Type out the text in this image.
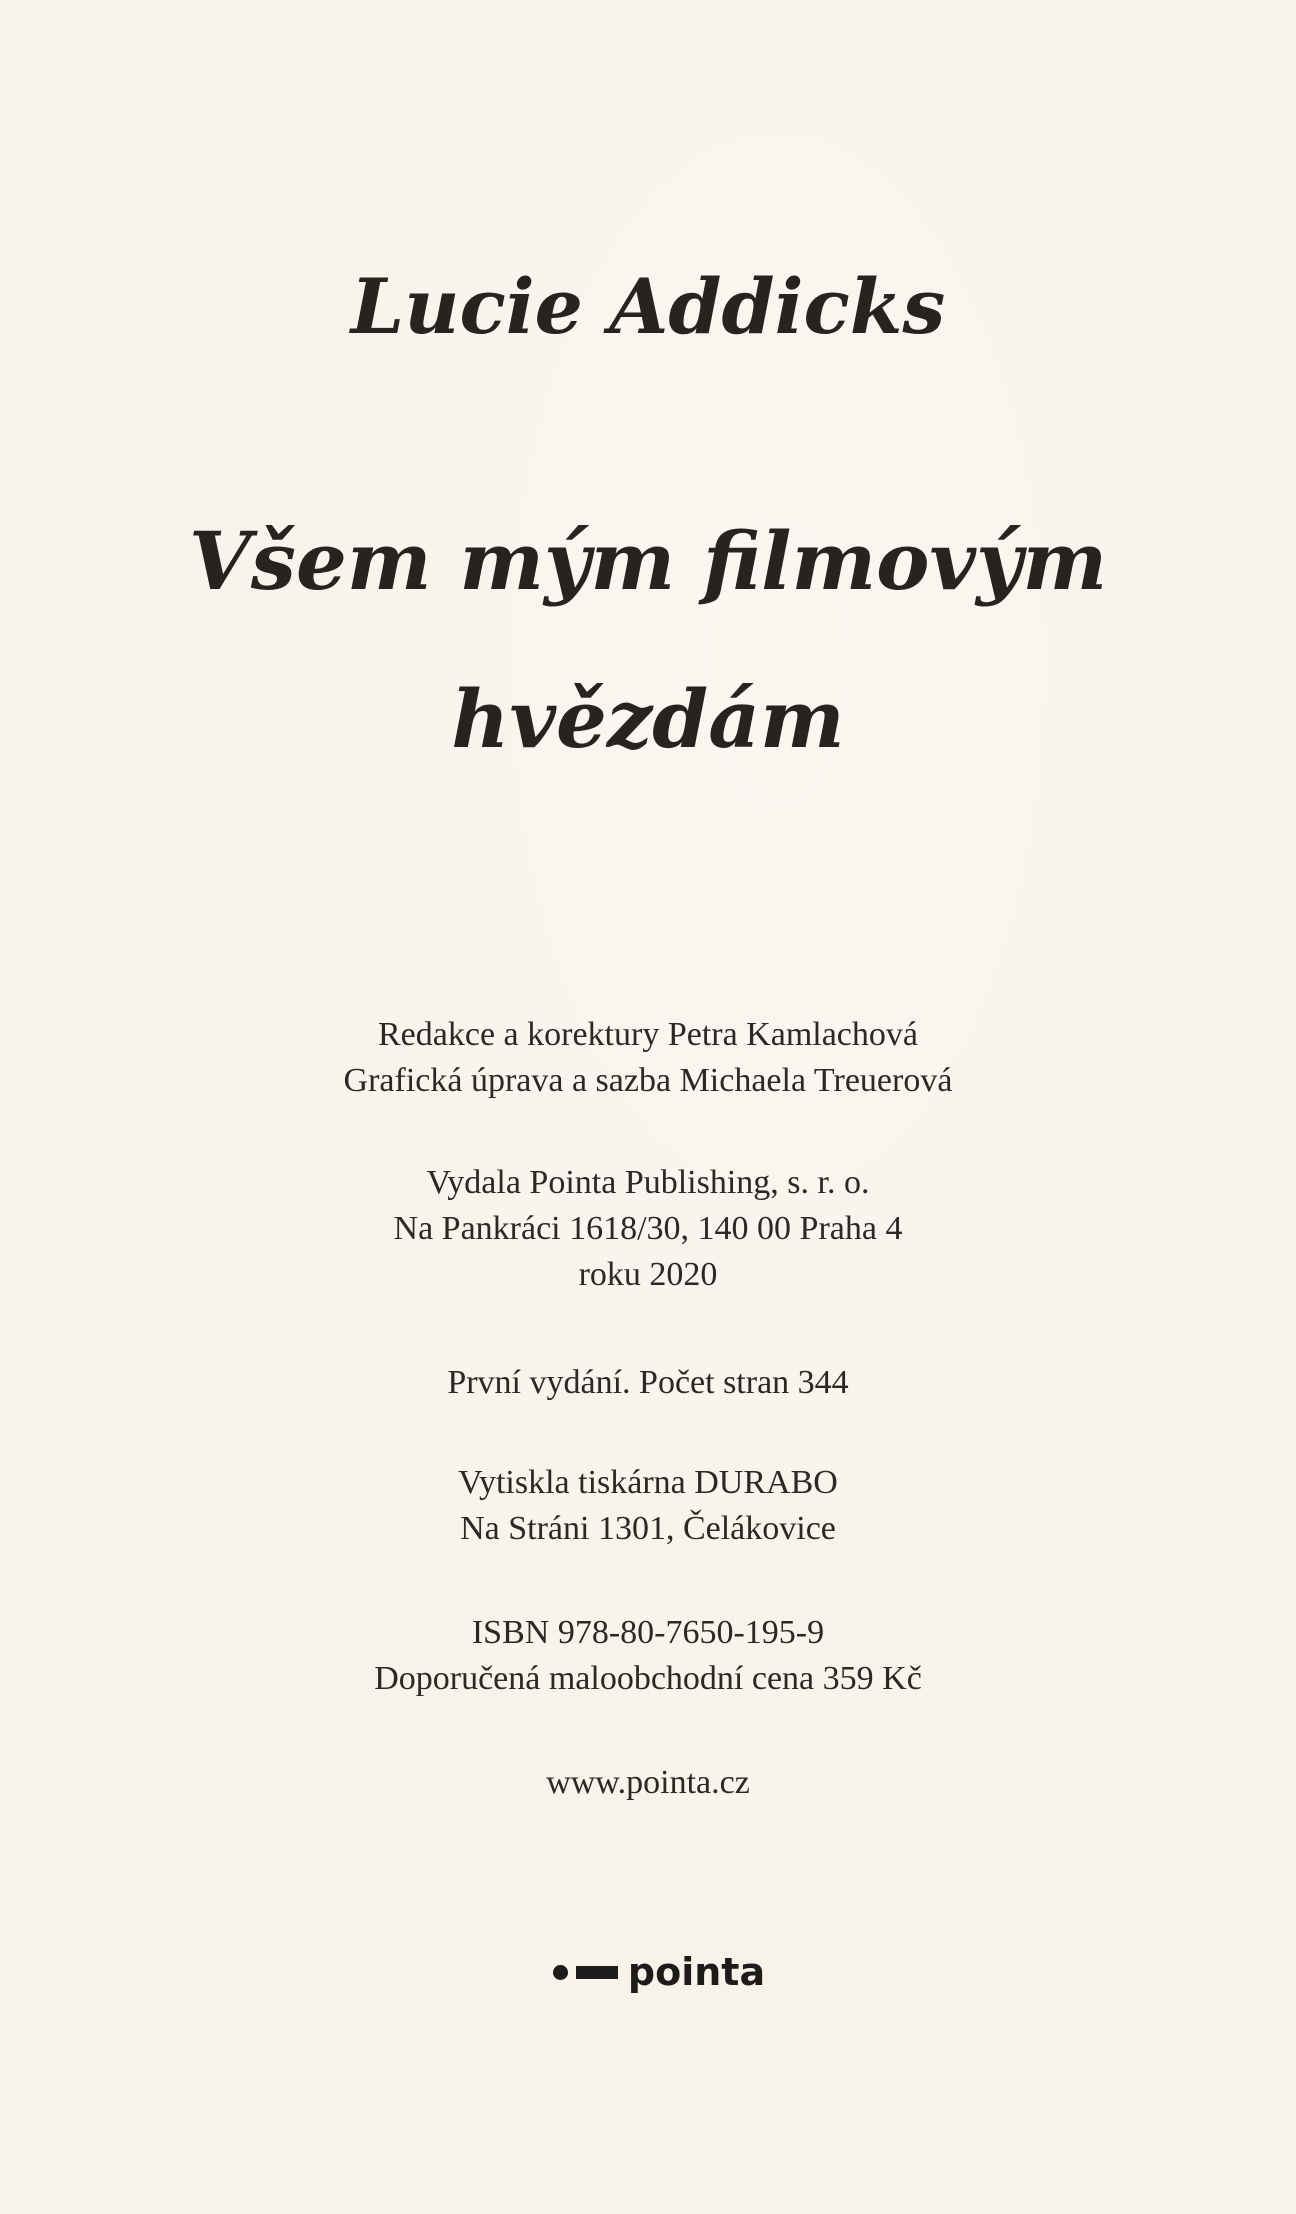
Lucie Addicks
Všem mým filmovým
hvězdám
Redakce a korektury Petra Kamlachová
Grafická úprava a sazba Michaela Treuerová
Vydala Pointa Publishing, s. r. o.
Na Pankráci 1618/30, 140 00 Praha 4
roku 2020
První vydání. Počet stran 344
Vytiskla tiskárna DURABO
Na Stráni 1301, Čelákovice
ISBN 978-80-7650-195-9
Doporučená maloobchodní cena 359 Kč
www.pointa.cz
pointa
